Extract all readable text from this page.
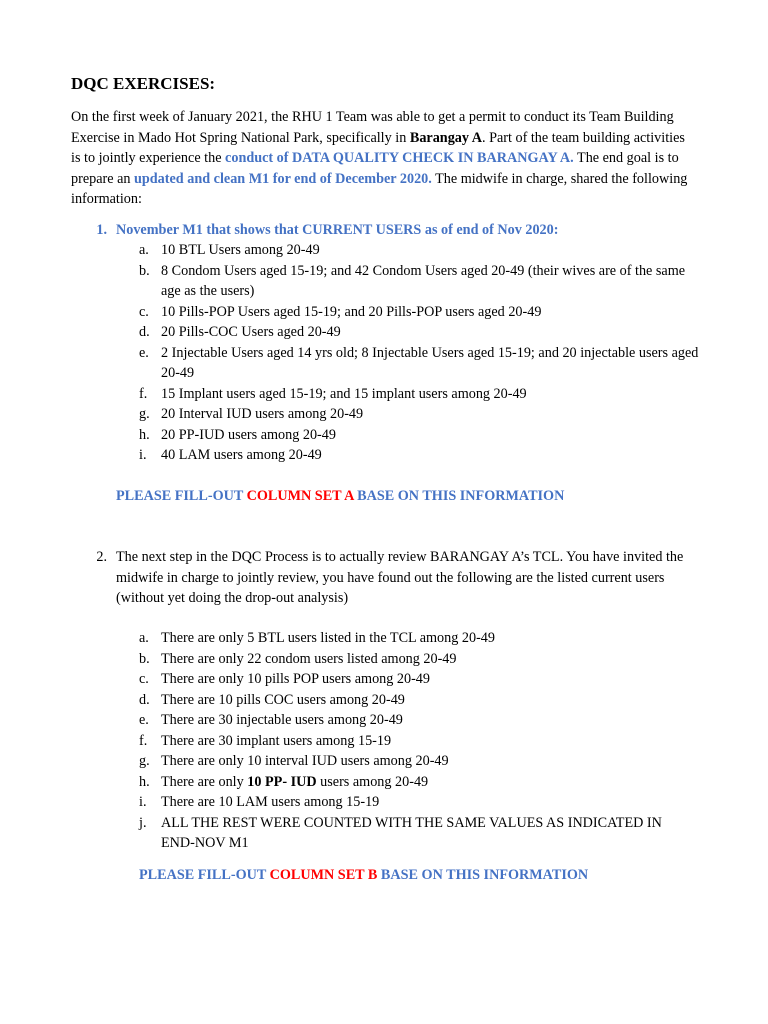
DQC EXERCISES:
On the first week of January 2021, the RHU 1 Team was able to get a permit to conduct its Team Building Exercise in Mado Hot Spring National Park, specifically in Barangay A. Part of the team building activities is to jointly experience the conduct of DATA QUALITY CHECK IN BARANGAY A. The end goal is to prepare an updated and clean M1 for end of December 2020. The midwife in charge, shared the following information:
1. November M1 that shows that CURRENT USERS as of end of Nov 2020:
a. 10 BTL Users among 20-49
b. 8 Condom Users aged 15-19; and 42 Condom Users aged 20-49 (their wives are of the same age as the users)
c. 10 Pills-POP Users aged 15-19; and 20 Pills-POP users aged 20-49
d. 20 Pills-COC Users aged 20-49
e. 2 Injectable Users aged 14 yrs old; 8 Injectable Users aged 15-19; and 20 injectable users aged 20-49
f. 15 Implant users aged 15-19; and 15 implant users among 20-49
g. 20 Interval IUD users among 20-49
h. 20 PP-IUD users among 20-49
i.	40 LAM users among 20-49
PLEASE FILL-OUT COLUMN SET A BASE ON THIS INFORMATION
2. The next step in the DQC Process is to actually review BARANGAY A’s TCL. You have invited the midwife in charge to jointly review, you have found out the following are the listed current users (without yet doing the drop-out analysis)
a. There are only 5 BTL users listed in the TCL among 20-49
b. There are only 22 condom users listed among 20-49
c. There are only 10 pills POP users among 20-49
d. There are 10 pills COC users among 20-49
e. There are 30 injectable users among 20-49
f. There are 30 implant users among 15-19
g. There are only 10 interval IUD users among 20-49
h. There are only 10 PP- IUD users among 20-49
i.	There are 10 LAM users among 15-19
j.	ALL THE REST WERE COUNTED WITH THE SAME VALUES AS INDICATED IN END-NOV M1
PLEASE FILL-OUT COLUMN SET B BASE ON THIS INFORMATION
